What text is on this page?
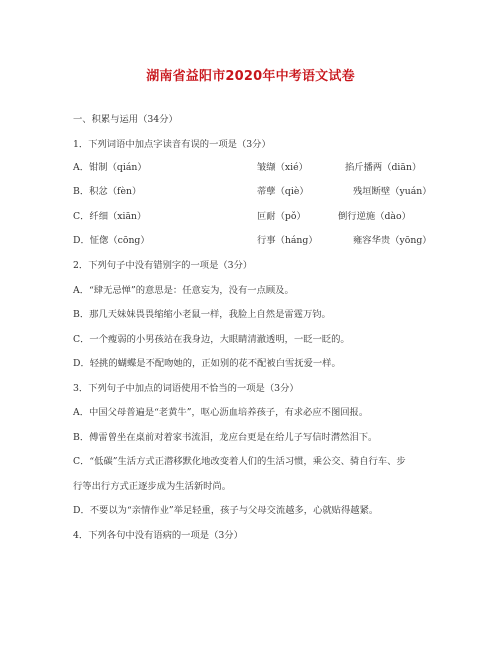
湖南省益阳市2020年中考语文试卷
一、积累与运用（34分）
1．下列词语中加点字读音有误的一项是（3分）
A．钳制（qián）	皱缬（xié）	掐斤播两（diān）
B．积忿（fèn）	蒂孽（qiè）	残垣断壁（yuán）
C．纤细（xiān）	叵耐（pǒ）	倒行逆施（dào）
D．怔偬（cōng）	行事（háng）	雍容华贵（yōng）
2．下列句子中没有错别字的一项是（3分）
A．“肆无忌惮”的意思是：任意妄为，没有一点顾及。
B．那几天妹妹畏畏缩缩小老鼠一样，我脸上自然是雷霆万钧。
C．一个瘦弱的小男孩站在我身边，大眼睛清澈透明，一眨一眨的。
D．轻挑的蝴蝶是不配吻她的，正如别的花不配被白雪抚爱一样。
3．下列句子中加点的词语使用不恰当的一项是（3分）
A．中国父母普遍是“老黄牛”，呕心沥血培养孩子，有求必应不图回报。
B．傅雷曾坐在桌前对着家书流泪，龙应台更是在给儿子写信时潸然泪下。
C．“低碳”生活方式正潜移默化地改变着人们的生活习惯，乘公交、骑自行车、步
行等出行方式正逐步成为生活新时尚。
D．不要以为“亲情作业”举足轻重，孩子与父母交流越多，心就贴得越紧。
4．下列各句中没有语病的一项是（3分）
